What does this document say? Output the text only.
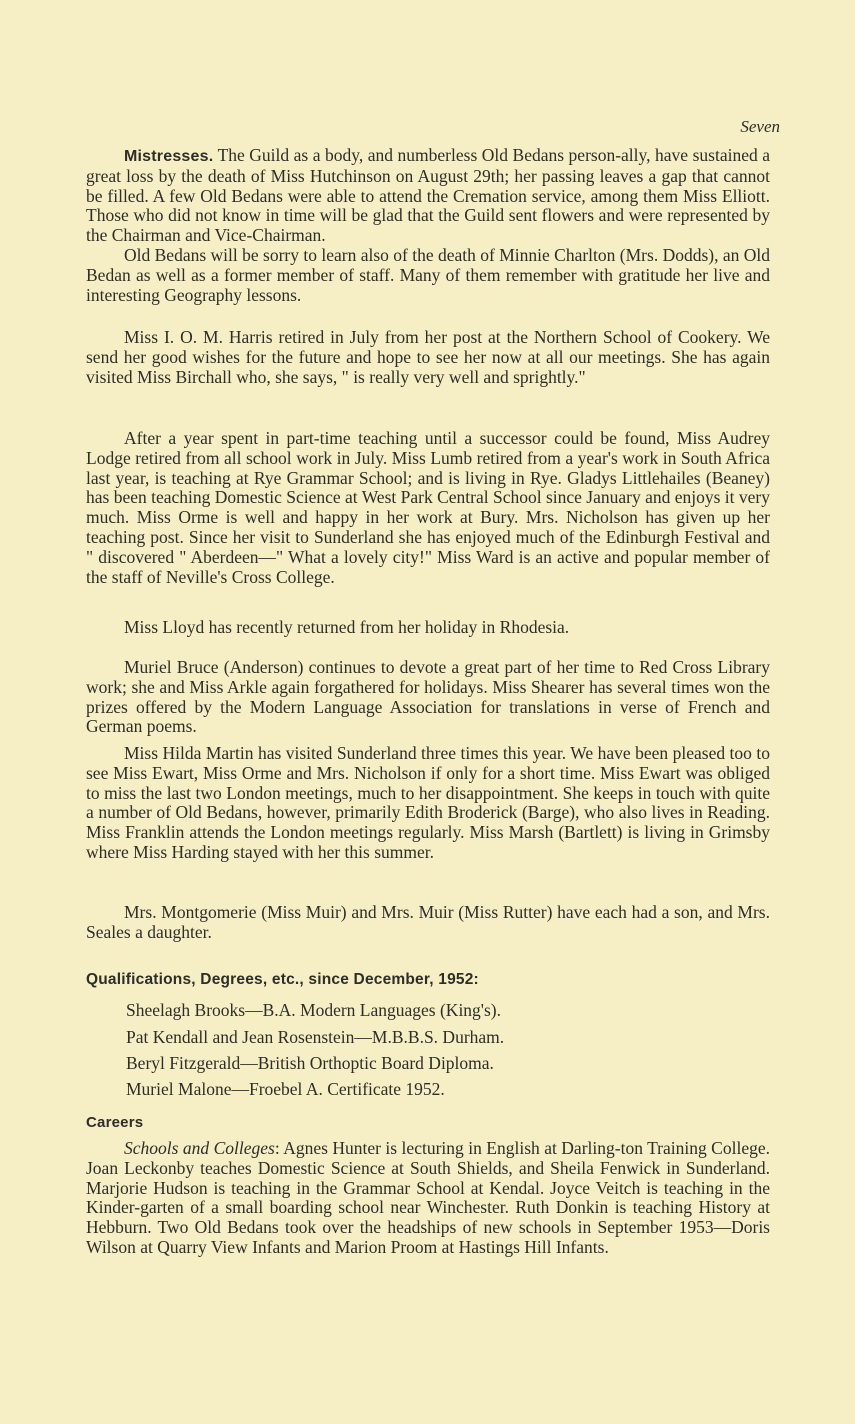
Seven

Mistresses. The Guild as a body, and numberless Old Bedans person-ally, have sustained a great loss by the death of Miss Hutchinson on August 29th; her passing leaves a gap that cannot be filled. A few Old Bedans were able to attend the Cremation service, among them Miss Elliott. Those who did not know in time will be glad that the Guild sent flowers and were represented by the Chairman and Vice-Chairman.

Old Bedans will be sorry to learn also of the death of Minnie Charlton (Mrs. Dodds), an Old Bedan as well as a former member of staff. Many of them remember with gratitude her live and interesting Geography lessons.

Miss I. O. M. Harris retired in July from her post at the Northern School of Cookery. We send her good wishes for the future and hope to see her now at all our meetings. She has again visited Miss Birchall who, she says, " is really very well and sprightly."

After a year spent in part-time teaching until a successor could be found, Miss Audrey Lodge retired from all school work in July. Miss Lumb retired from a year's work in South Africa last year, is teaching at Rye Grammar School; and is living in Rye. Gladys Littlehailes (Beaney) has been teaching Domestic Science at West Park Central School since January and enjoys it very much. Miss Orme is well and happy in her work at Bury. Mrs. Nicholson has given up her teaching post. Since her visit to Sunderland she has enjoyed much of the Edinburgh Festival and " discovered " Aberdeen—" What a lovely city!" Miss Ward is an active and popular member of the staff of Neville's Cross College.

Miss Lloyd has recently returned from her holiday in Rhodesia.

Muriel Bruce (Anderson) continues to devote a great part of her time to Red Cross Library work; she and Miss Arkle again forgathered for holidays. Miss Shearer has several times won the prizes offered by the Modern Language Association for translations in verse of French and German poems.

Miss Hilda Martin has visited Sunderland three times this year. We have been pleased too to see Miss Ewart, Miss Orme and Mrs. Nicholson if only for a short time. Miss Ewart was obliged to miss the last two London meetings, much to her disappointment. She keeps in touch with quite a number of Old Bedans, however, primarily Edith Broderick (Barge), who also lives in Reading. Miss Franklin attends the London meetings regularly. Miss Marsh (Bartlett) is living in Grimsby where Miss Harding stayed with her this summer.

Mrs. Montgomerie (Miss Muir) and Mrs. Muir (Miss Rutter) have each had a son, and Mrs. Seales a daughter.

Qualifications, Degrees, etc., since December, 1952:
Sheelagh Brooks—B.A. Modern Languages (King's).
Pat Kendall and Jean Rosenstein—M.B.B.S. Durham.
Beryl Fitzgerald—British Orthoptic Board Diploma.
Muriel Malone—Froebel A. Certificate 1952.
Careers

Schools and Colleges: Agnes Hunter is lecturing in English at Darling-ton Training College. Joan Leckonby teaches Domestic Science at South Shields, and Sheila Fenwick in Sunderland. Marjorie Hudson is teaching in the Grammar School at Kendal. Joyce Veitch is teaching in the Kinder-garten of a small boarding school near Winchester. Ruth Donkin is teaching History at Hebburn. Two Old Bedans took over the headships of new schools in September 1953—Doris Wilson at Quarry View Infants and Marion Proom at Hastings Hill Infants.
